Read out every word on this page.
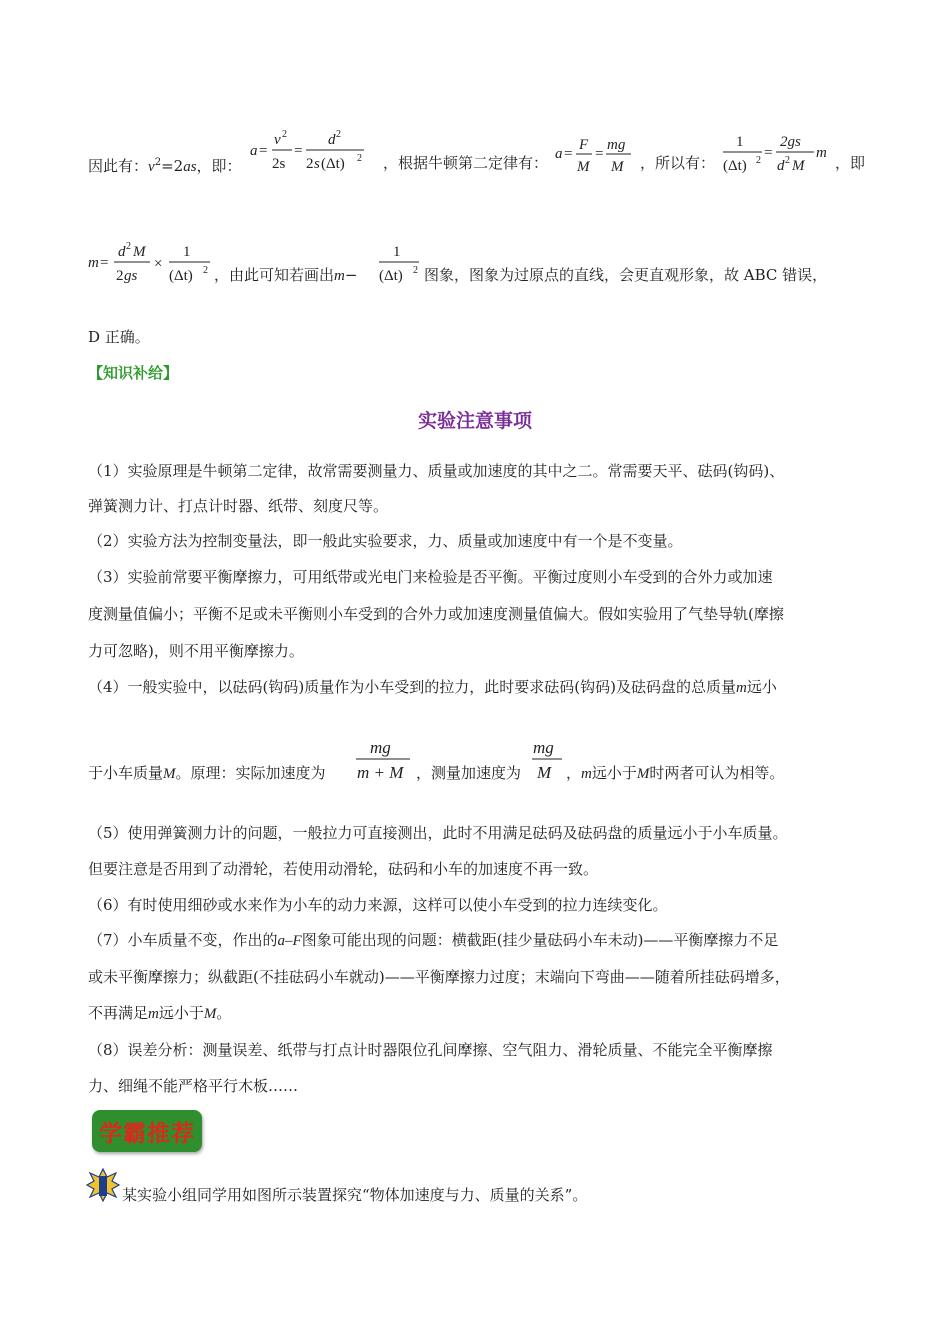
因此有：$v^2=2as$，即：
a =
v 2
2s
=
d 2
2 s (Δt) 2 ，根据牛顿第二定律有： a =
F
M
=
mg
M ，所以有：
1
(Δt) 2 =
2gs
d 2 M
m
，即
m =
d 2 M
2 gs
×
1
(Δt) 2 ，由此可知若画出m−
1
(Δt) 2 图象，图象为过原点的直线，会更直观形象，故 ABC 错误，
D 正确。
【知识补给】
实验注意事项
（1）实验原理是牛顿第二定律，故常需要测量力、质量或加速度的其中之二。常需要天平、砝码(钩码)、
弹簧测力计、打点计时器、纸带、刻度尺等。
（2）实验方法为控制变量法，即一般此实验要求，力、质量或加速度中有一个是不变量。
（3）实验前常要平衡摩擦力，可用纸带或光电门来检验是否平衡。平衡过度则小车受到的合外力或加速
度测量值偏小；平衡不足或未平衡则小车受到的合外力或加速度测量值偏大。假如实验用了气垫导轨(摩擦
力可忽略)，则不用平衡摩擦力。
（4）一般实验中，以砝码(钩码)质量作为小车受到的拉力，此时要求砝码(钩码)及砝码盘的总质量m远小
于小车质量M。原理：实际加速度为
mg
m + M ，测量加速度为
mg
M ，m远小于M时两者可认为相等。
（5）使用弹簧测力计的问题，一般拉力可直接测出，此时不用满足砝码及砝码盘的质量远小于小车质量。
但要注意是否用到了动滑轮，若使用动滑轮，砝码和小车的加速度不再一致。
（6）有时使用细砂或水来作为小车的动力来源，这样可以使小车受到的拉力连续变化。
（7）小车质量不变，作出的a–F图象可能出现的问题：横截距(挂少量砝码小车未动)——平衡摩擦力不足
或未平衡摩擦力；纵截距(不挂砝码小车就动)——平衡摩擦力过度；末端向下弯曲——随着所挂砝码增多，
不再满足m远小于M。
（8）误差分析：测量误差、纸带与打点计时器限位孔间摩擦、空气阻力、滑轮质量、不能完全平衡摩擦
力、细绳不能严格平行木板……
学霸推荐
某实验小组同学用如图所示装置探究“物体加速度与力、质量的关系”。
